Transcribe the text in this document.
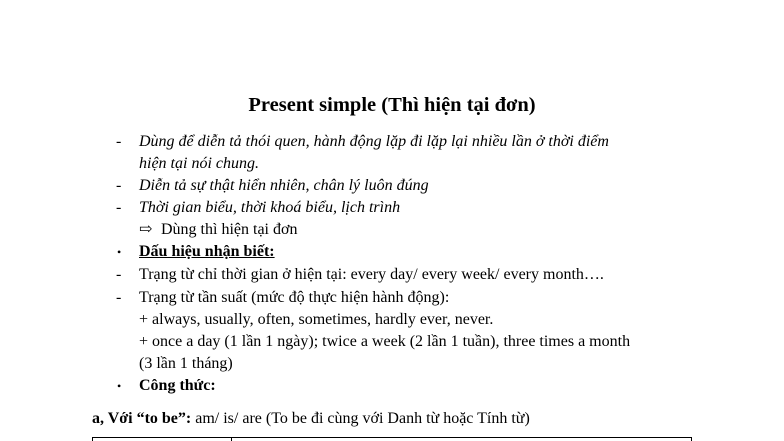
Present simple (Thì hiện tại đơn)
- Dùng để diễn tả thói quen, hành động lặp đi lặp lại nhiều lần ở thời điểm
hiện tại nói chung.
- Diễn tả sự thật hiển nhiên, chân lý luôn đúng
- Thời gian biểu, thời khoá biểu, lịch trình
⇨ Dùng thì hiện tại đơn
• Dấu hiệu nhận biết:
- Trạng từ chỉ thời gian ở hiện tại: every day/ every week/ every month….
- Trạng từ tần suất (mức độ thực hiện hành động):
+ always, usually, often, sometimes, hardly ever, never.
+ once a day (1 lần 1 ngày); twice a week (2 lần 1 tuần), three times a month
(3 lần 1 tháng)
• Công thức:
a, Với “to be”: am/ is/ are (To be đi cùng với Danh từ hoặc Tính từ)
